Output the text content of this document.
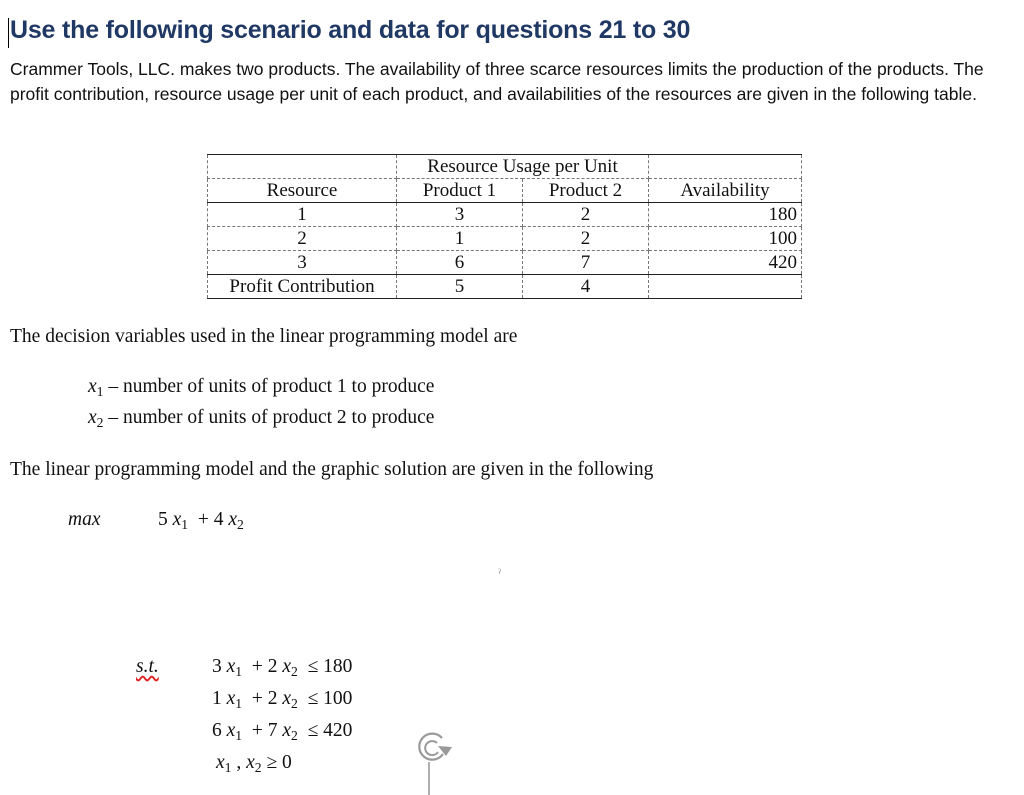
Use the following scenario and data for questions 21 to 30
Crammer Tools, LLC. makes two products. The availability of three scarce resources limits the production of the products. The profit contribution, resource usage per unit of each product, and availabilities of the resources are given in the following table.
	Resource Usage per Unit		
Resource	Product 1	Product 2	Availability
1	3	2	180
2	1	2	100
3	6	7	420
Profit Contribution	5	4	
The decision variables used in the linear programming model are
$x_1$ – number of units of product 1 to produce
$x_2$ – number of units of product 2 to produce
The linear programming model and the graphic solution are given in the following
max	5 $x_1 + 4$ $x_2$
ˀ
s.t.	3 $x_1 + 2$ $x_2 \le 180$
1 $x_1 + 2$ $x_2 \le 100$
6 $x_1 + 7$ $x_2 \le 420$
$x_1$ , $x_2 \ge 0$
